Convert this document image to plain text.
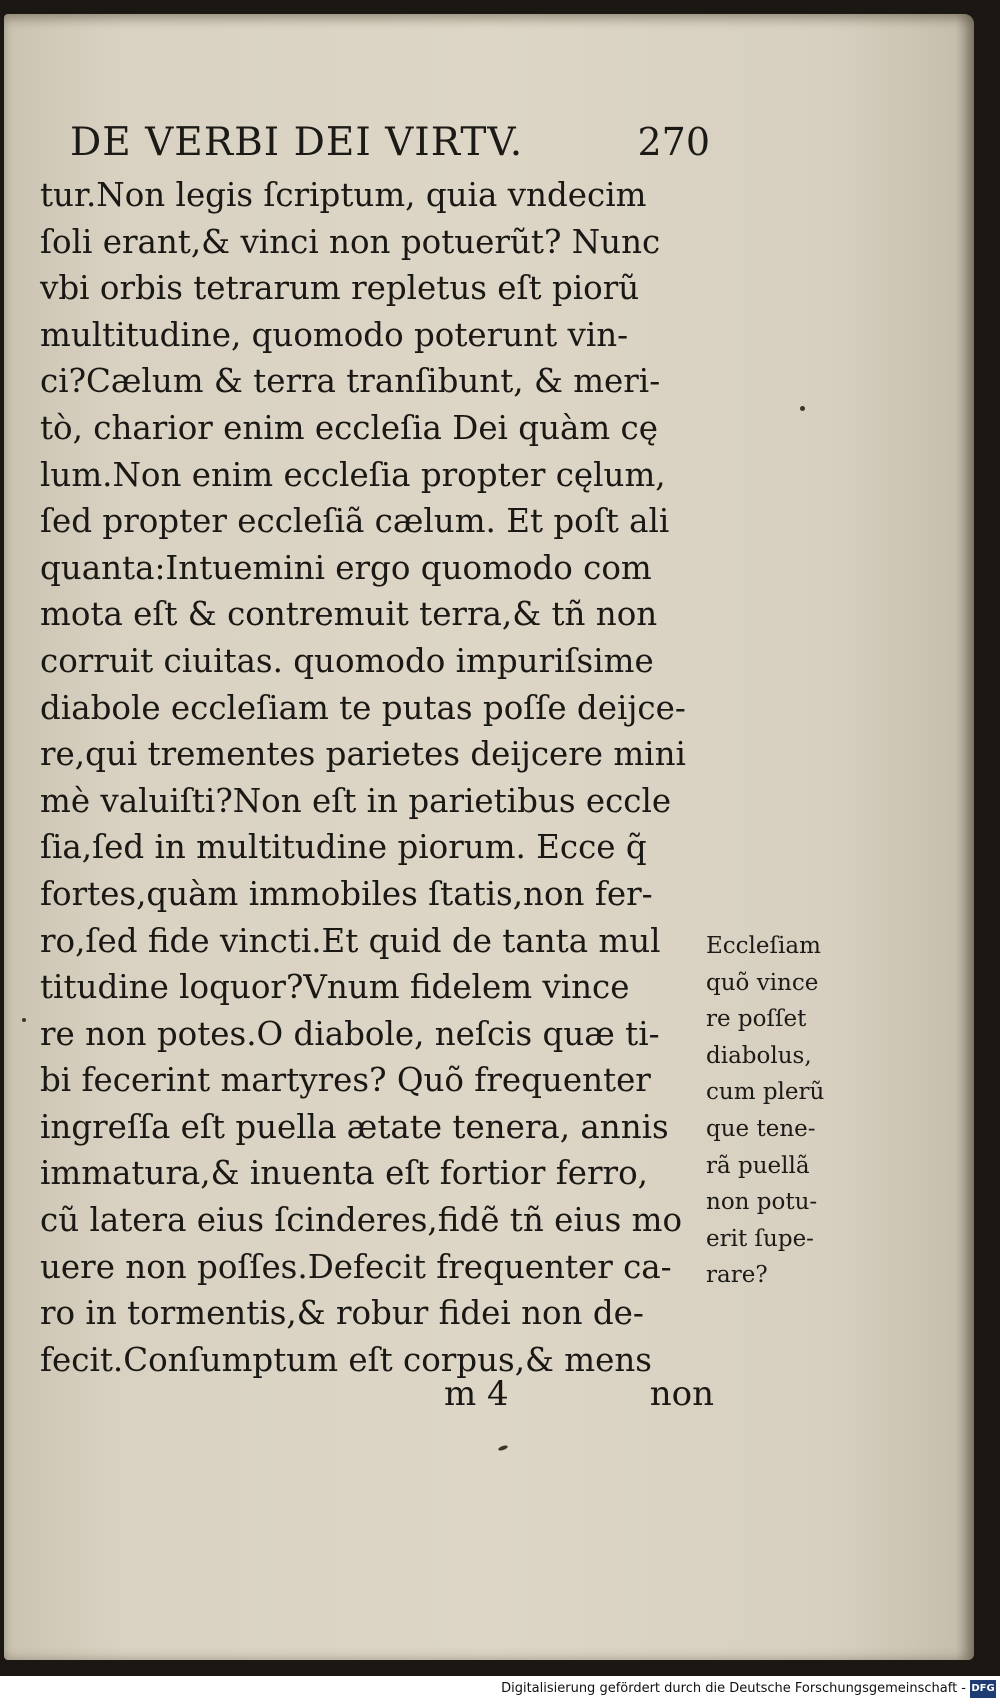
DE VERBI DEI VIRTV.	270
tur.Non legis ſcriptum, quia vndecim
ſoli erant,& vinci non potuerũt? Nunc
vbi orbis tetrarum repletus eſt piorũ
multitudine, quomodo poterunt vin-
ci?Cælum & terra tranſibunt, & meri-
tò, charior enim eccleſia Dei quàm cę
lum.Non enim eccleſia propter cęlum,
ſed propter eccleſiã cælum. Et poſt ali
quanta:Intuemini ergo quomodo com
mota eſt & contremuit terra,& tñ non
corruit ciuitas. quomodo impuriſsime
diabole eccleſiam te putas poſſe deijce-
re,qui trementes parietes deijcere mini
mè valuiſti?Non eſt in parietibus eccle
ſia,ſed in multitudine piorum. Ecce q̃
fortes,quàm immobiles ſtatis,non fer-
ro,ſed fide vincti.Et quid de tanta mul
titudine loquor?Vnum fidelem vince
re non potes.O diabole, neſcis quæ ti-
bi fecerint martyres? Quõ frequenter
ingreſſa eſt puella ætate tenera, annis
immatura,& inuenta eſt fortior ferro,
cũ latera eius ſcinderes,fidẽ tñ eius mo
uere non poſſes.Defecit frequenter ca-
ro in tormentis,& robur fidei non de-
fecit.Conſumptum eſt corpus,& mens
m 4	non
Eccleſiam
quõ vince
re poſſet
diabolus,
cum plerũ
que tene-
rã puellã
non potu-
erit ſupe-
rare?
Digitalisierung gefördert durch die Deutsche Forschungsgemeinschaft - DFG
